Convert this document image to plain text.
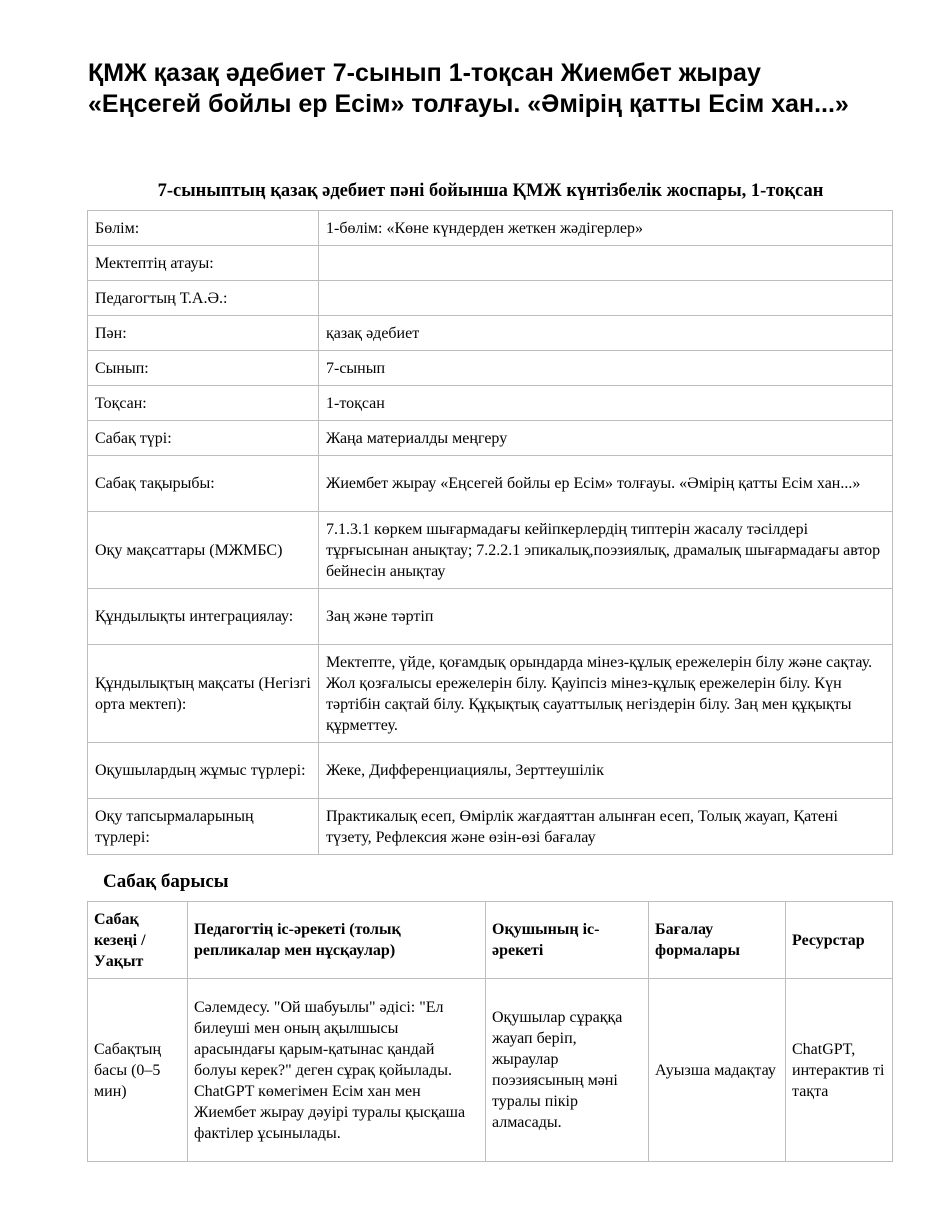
ҚМЖ қазақ әдебиет 7-сынып 1-тоқсан Жиембет жырау «Еңсегей бойлы ер Есім» толғауы. «Әмірің қатты Есім хан...»
7-сыныптың қазақ әдебиет пәні бойынша ҚМЖ күнтізбелік жоспары, 1-тоқсан
Бөлім:	1-бөлім: «Көне күндерден жеткен жәдігерлер»
Мектептің атауы:	
Педагогтың Т.А.Ә.:	
Пән:	қазақ әдебиет
Сынып:	7-сынып
Тоқсан:	1-тоқсан
Сабақ түрі:	Жаңа материалды меңгеру
Сабақ тақырыбы:	Жиембет жырау «Еңсегей бойлы ер Есім» толғауы. «Әмірің қатты Есім хан...»
Оқу мақсаттары (МЖМБС)	7.1.3.1 көркем шығармадағы кейіпкерлердің типтерін жасалу тәсілдері тұрғысынан анықтау; 7.2.2.1 эпикалық,поэзиялық, драмалық шығармадағы автор бейнесін анықтау
Құндылықты интеграциялау:	Заң және тәртіп
Құндылықтың мақсаты (Негізгі орта мектеп):	Мектепте, үйде, қоғамдық орындарда мінез-құлық ережелерін білу және сақтау. Жол қозғалысы ережелерін білу. Қауіпсіз мінез-құлық ережелерін білу. Күн тәртібін сақтай білу. Құқықтық сауаттылық негіздерін білу. Заң мен құқықты құрметтеу.
Оқушылардың жұмыс түрлері:	Жеке, Дифференциациялы, Зерттеушілік
Оқу тапсырмаларының түрлері:	Практикалық есеп, Өмірлік жағдаяттан алынған есеп, Толық жауап, Қатені түзету, Рефлексия және өзін-өзі бағалау
Сабақ барысы
Сабақ кезеңі / Уақыт	Педагогтің іс-әрекеті (толық репликалар мен нұсқаулар)	Оқушының іс-әрекеті	Бағалау формалары	Ресурстар
Сабақтың басы (0–5 мин)	Сәлемдесу. "Ой шабуылы" әдісі: "Ел билеуші мен оның ақылшысы арасындағы қарым-қатынас қандай болуы керек?" деген сұрақ қойылады. ChatGPT көмегімен Есім хан мен Жиембет жырау дәуірі туралы қысқаша фактілер ұсынылады.	Оқушылар сұраққа жауап беріп, жыраулар поэзиясының мәні туралы пікір алмасады.	Ауызша мадақтау	ChatGPT, интерактив ті тақта
